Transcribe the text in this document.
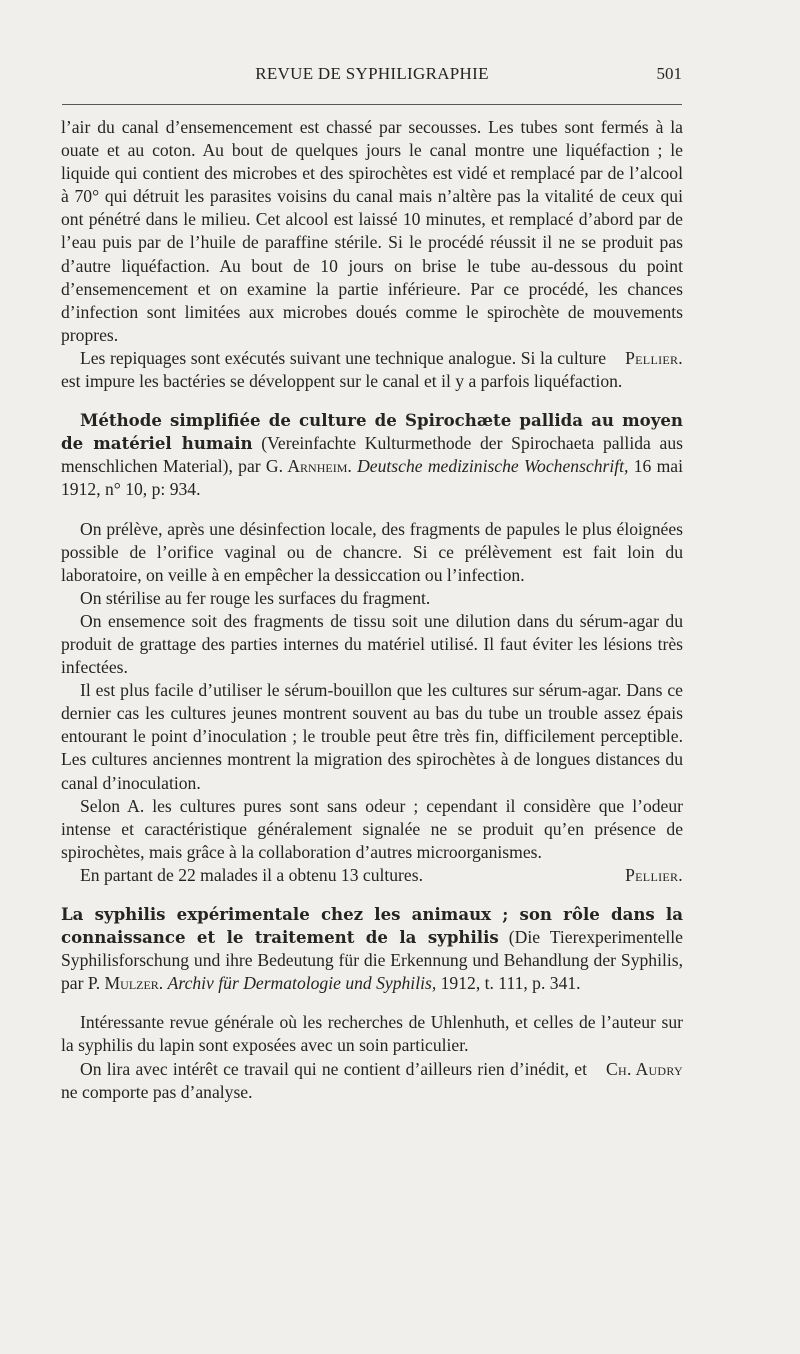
REVUE DE SYPHILIGRAPHIE	501

l’air du canal d’ensemencement est chassé par secousses. Les tubes sont fermés à la ouate et au coton. Au bout de quelques jours le canal montre une liquéfaction ; le liquide qui contient des microbes et des spirochètes est vidé et remplacé par de l’alcool à 70° qui détruit les parasites voisins du canal mais n’altère pas la vitalité de ceux qui ont pénétré dans le milieu. Cet alcool est laissé 10 minutes, et remplacé d’abord par de l’eau puis par de l’huile de paraffine stérile. Si le procédé réussit il ne se produit pas d’autre liquéfaction. Au bout de 10 jours on brise le tube au-dessous du point d’ensemencement et on examine la partie inférieure. Par ce procédé, les chances d’infection sont limitées aux microbes doués comme le spirochète de mouvements propres.

Pellier.
Les repiquages sont exécutés suivant une technique analogue. Si la culture est impure les bactéries se développent sur le canal et il y a parfois liquéfaction.

Méthode simplifiée de culture de Spirochæte pallida au moyen de matériel humain (Vereinfachte Kulturmethode der Spirochaeta pallida aus menschlichen Material), par G. Arnheim. Deutsche medizinische Wochenschrift, 16 mai 1912, n° 10, p: 934.

On prélève, après une désinfection locale, des fragments de papules le plus éloignées possible de l’orifice vaginal ou de chancre. Si ce prélèvement est fait loin du laboratoire, on veille à en empêcher la dessiccation ou l’infection.

On stérilise au fer rouge les surfaces du fragment.

On ensemence soit des fragments de tissu soit une dilution dans du sérum-agar du produit de grattage des parties internes du matériel utilisé. Il faut éviter les lésions très infectées.

Il est plus facile d’utiliser le sérum-bouillon que les cultures sur sérum-agar. Dans ce dernier cas les cultures jeunes montrent souvent au bas du tube un trouble assez épais entourant le point d’inoculation ; le trouble peut être très fin, difficilement perceptible. Les cultures anciennes montrent la migration des spirochètes à de longues distances du canal d’inoculation.

Selon A. les cultures pures sont sans odeur ; cependant il considère que l’odeur intense et caractéristique généralement signalée ne se produit qu’en présence de spirochètes, mais grâce à la collaboration d’autres microorganismes.

Pellier.
En partant de 22 malades il a obtenu 13 cultures.

La syphilis expérimentale chez les animaux ; son rôle dans la connaissance et le traitement de la syphilis (Die Tierexperimentelle Syphilisforschung und ihre Bedeutung für die Erkennung und Behandlung der Syphilis, par P. Mulzer. Archiv für Dermatologie und Syphilis, 1912, t. 111, p. 341.

Intéressante revue générale où les recherches de Uhlenhuth, et celles de l’auteur sur la syphilis du lapin sont exposées avec un soin particulier.

Ch. Audry
On lira avec intérêt ce travail qui ne contient d’ailleurs rien d’inédit, et ne comporte pas d’analyse.
